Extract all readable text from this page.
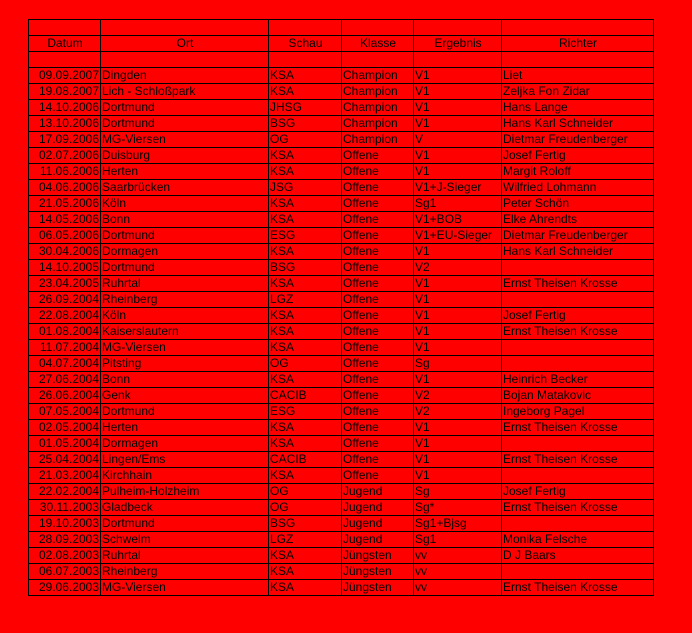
Datum	Ort	Schau	Klasse	Ergebnis	Richter

09.09.2007	Dingden	KSA	Champion	V1	Liet
19.08.2007	Lich - Schloßpark	KSA	Champion	V1	Zeljka Fon Zidar
14.10.2006	Dortmund	JHSG	Champion	V1	Hans Lange
13.10.2006	Dortmund	BSG	Champion	V1	Hans Karl Schneider
17.09.2006	MG-Viersen	OG	Champion	V	Dietmar Freudenberger
02.07.2006	Duisburg	KSA	Offene	V1	Josef Fertig
11.06.2006	Herten	KSA	Offene	V1	Margit Roloff
04.06.2006	Saarbrücken	JSG	Offene	V1+J-Sieger	Wilfried Lohmann
21.05.2006	Köln	KSA	Offene	Sg1	Peter Schön
14.05.2006	Bonn	KSA	Offene	V1+BOB	Elke Ahrendts
06.05.2006	Dortmund	ESG	Offene	V1+EU-Sieger	Dietmar Freudenberger
30.04.2006	Dormagen	KSA	Offene	V1	Hans Karl Schneider
14.10.2005	Dortmund	BSG	Offene	V2	
23.04.2005	Ruhrtal	KSA	Offene	V1	Ernst Theisen Krosse
26.09.2004	Rheinberg	LGZ	Offene	V1	
22.08.2004	Köln	KSA	Offene	V1	Josef Fertig
01.08.2004	Kaiserslautern	KSA	Offene	V1	Ernst Theisen Krosse
11.07.2004	MG-Viersen	KSA	Offene	V1	
04.07.2004	Pitsting	OG	Offene	Sg	
27.06.2004	Bonn	KSA	Offene	V1	Heinrich Becker
26.06.2004	Genk	CACIB	Offene	V2	Bojan Matakovic
07.05.2004	Dortmund	ESG	Offene	V2	Ingeborg Pagel
02.05.2004	Herten	KSA	Offene	V1	Ernst Theisen Krosse
01.05.2004	Dormagen	KSA	Offene	V1	
25.04.2004	Lingen/Ems	CACIB	Offene	V1	Ernst Theisen Krosse
21.03.2004	Kirchhain	KSA	Offene	V1	
22.02.2004	Pulheim-Holzheim	OG	Jugend	Sg	Josef Fertig
30.11.2003	Gladbeck	OG	Jugend	Sg*	Ernst Theisen Krosse
19.10.2003	Dortmund	BSG	Jugend	Sg1+Bjsg	
28.09.2003	Schwelm	LGZ	Jugend	Sg1	Monika Felsche
02.08.2003	Ruhrtal	KSA	Jüngsten	vv	D J Baars
06.07.2003	Rheinberg	KSA	Jüngsten	vv	
29.06.2003	MG-Viersen	KSA	Jüngsten	vv	Ernst Theisen Krosse
